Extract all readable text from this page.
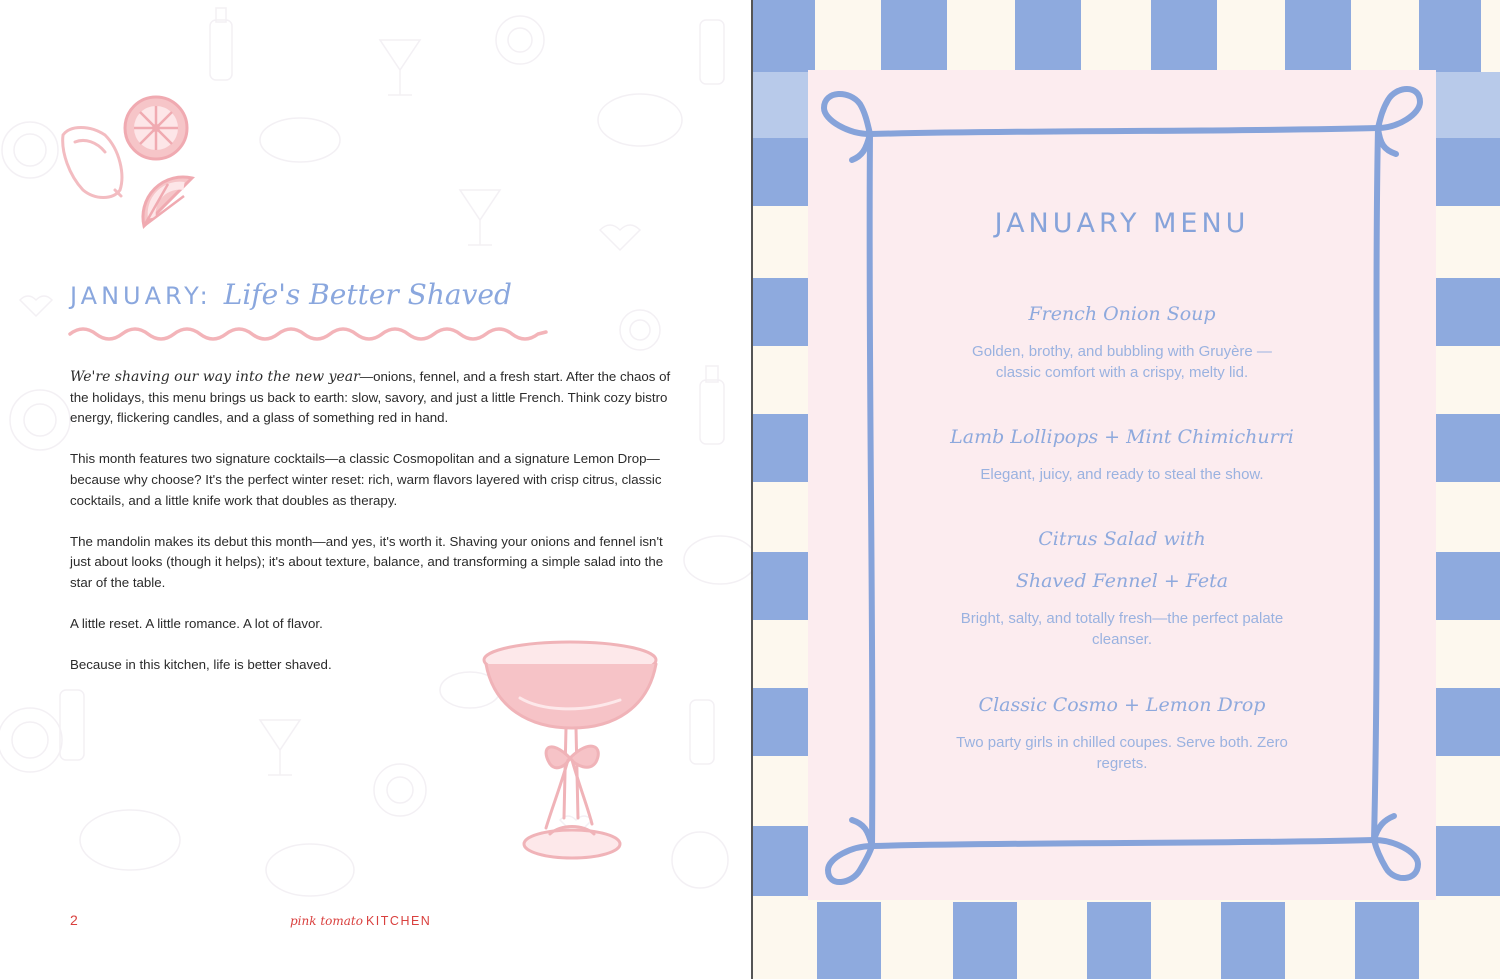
JANUARY: Life's Better Shaved

We're shaving our way into the new year—onions, fennel, and a fresh start. After the chaos of the holidays, this menu brings us back to earth: slow, savory, and just a little French. Think cozy bistro energy, flickering candles, and a glass of something red in hand.

This month features two signature cocktails—a classic Cosmopolitan and a signature Lemon Drop—because why choose? It's the perfect winter reset: rich, warm flavors layered with crisp citrus, classic cocktails, and a little knife work that doubles as therapy.

The mandolin makes its debut this month—and yes, it's worth it. Shaving your onions and fennel isn't just about looks (though it helps); it's about texture, balance, and transforming a simple salad into the star of the table.

A little reset. A little romance. A lot of flavor.

Because in this kitchen, life is better shaved.

2	pink tomato KITCHEN
JANUARY MENU
French Onion Soup
Golden, brothy, and bubbling with Gruyère —classic comfort with a crispy, melty lid.
Lamb Lollipops + Mint Chimichurri
Elegant, juicy, and ready to steal the show.
Citrus Salad with
Shaved Fennel + Feta
Bright, salty, and totally fresh—the perfect palate cleanser.
Classic Cosmo + Lemon Drop
Two party girls in chilled coupes. Serve both. Zero regrets.
